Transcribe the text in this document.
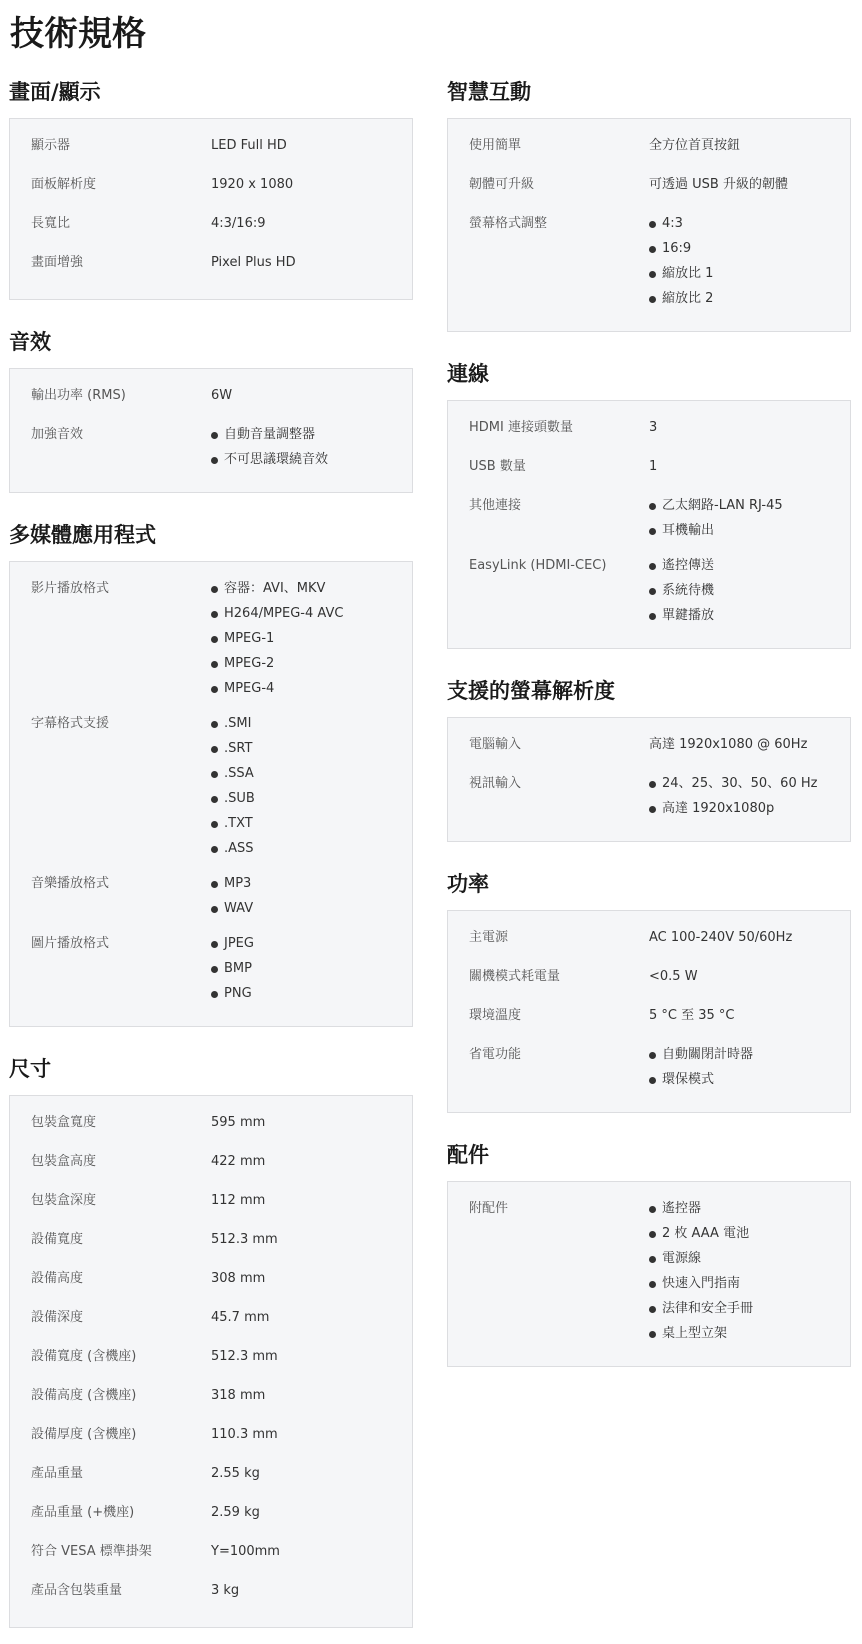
技術規格
畫面/顯示
顯示器	LED Full HD
面板解析度	1920 x 1080
長寬比	4:3/16:9
畫面增強	Pixel Plus HD
音效
輸出功率 (RMS)	6W
加強音效	自動音量調整器
不可思議環繞音效
多媒體應用程式
影片播放格式	容器：AVI、MKV
H264/MPEG-4 AVC
MPEG-1
MPEG-2
MPEG-4
字幕格式支援	.SMI
.SRT
.SSA
.SUB
.TXT
.ASS
音樂播放格式	MP3
WAV
圖片播放格式	JPEG
BMP
PNG
尺寸
包裝盒寬度	595 mm
包裝盒高度	422 mm
包裝盒深度	112 mm
設備寬度	512.3 mm
設備高度	308 mm
設備深度	45.7 mm
設備寬度 (含機座)	512.3 mm
設備高度 (含機座)	318 mm
設備厚度 (含機座)	110.3 mm
產品重量	2.55 kg
產品重量 (+機座)	2.59 kg
符合 VESA 標準掛架	Y=100mm
產品含包裝重量	3 kg
智慧互動
使用簡單	全方位首頁按鈕
韌體可升級	可透過 USB 升級的韌體
螢幕格式調整	4:3
16:9
縮放比 1
縮放比 2
連線
HDMI 連接頭數量	3
USB 數量	1
其他連接	乙太網路-LAN RJ-45
耳機輸出
EasyLink (HDMI-CEC)	遙控傳送
系統待機
單鍵播放
支援的螢幕解析度
電腦輸入	高達 1920x1080 @ 60Hz
視訊輸入	24、25、30、50、60 Hz
高達 1920x1080p
功率
主電源	AC 100-240V 50/60Hz
關機模式耗電量	<0.5 W
環境溫度	5 °C 至 35 °C
省電功能	自動關閉計時器
環保模式
配件
附配件	遙控器
2 枚 AAA 電池
電源線
快速入門指南
法律和安全手冊
桌上型立架
